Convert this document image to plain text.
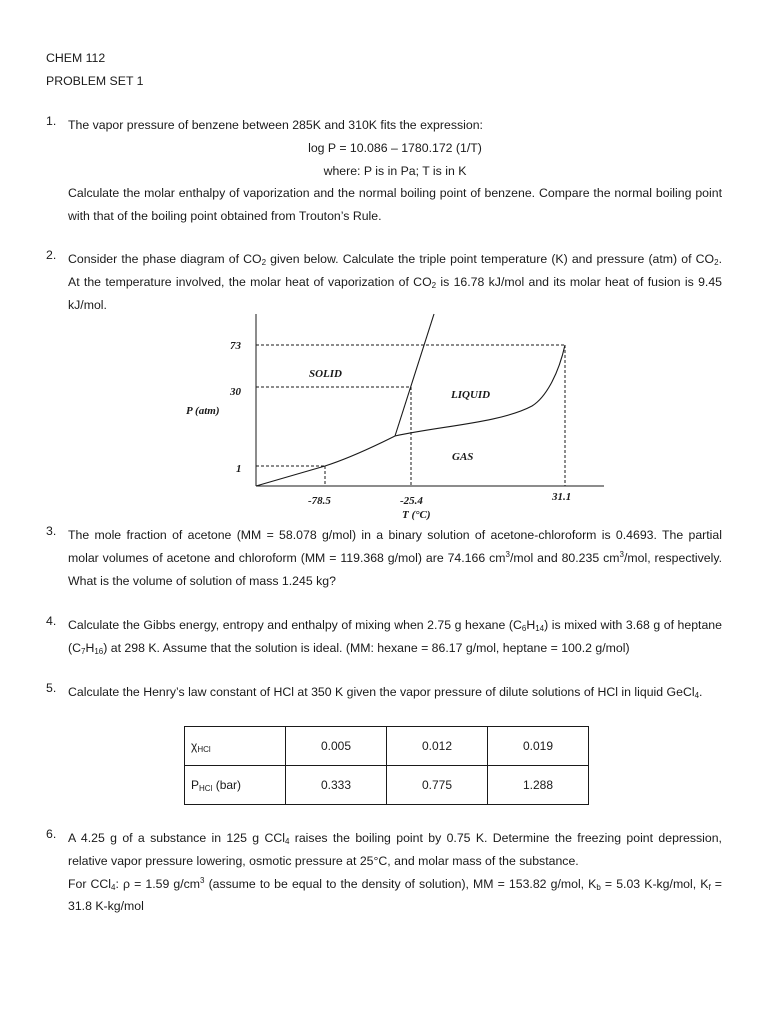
CHEM 112
PROBLEM SET 1
1. The vapor pressure of benzene between 285K and 310K fits the expression:
log P = 10.086 – 1780.172 (1/T)
where: P is in Pa; T is in K
Calculate the molar enthalpy of vaporization and the normal boiling point of benzene. Compare the normal boiling point with that of the boiling point obtained from Trouton’s Rule.
2. Consider the phase diagram of $CO_2$ given below. Calculate the triple point temperature (K) and pressure (atm) of $CO_2$. At the temperature involved, the molar heat of vaporization of $CO_2$ is 16.78 kJ/mol and its molar heat of fusion is 9.45 kJ/mol.
73
30
1
P (atm)
-78.5	-25.4	31.1
T (°C)
SOLID
LIQUID
GAS
3. The mole fraction of acetone (MM = 58.078 g/mol) in a binary solution of acetone-chloroform is 0.4693. The partial molar volumes of acetone and chloroform (MM = 119.368 g/mol) are 74.166 $cm^3$/mol and 80.235 $cm^3$/mol, respectively. What is the volume of solution of mass 1.245 kg?
4. Calculate the Gibbs energy, entropy and enthalpy of mixing when 2.75 g hexane $(C_6H_{14})$ is mixed with 3.68 g of heptane $(C_7H_{16})$ at 298 K. Assume that the solution is ideal. (MM: hexane = 86.17 g/mol, heptane = 100.2 g/mol)
5. Calculate the Henry’s law constant of HCl at 350 K given the vapor pressure of dilute solutions of HCl in liquid GeCl$_4$.
$\chi_{HCl}$	0.005	0.012	0.019
$P_{HCl}$ (bar)	0.333	0.775	1.288
6. A 4.25 g of a substance in 125 g CCl$_4$ raises the boiling point by 0.75 K. Determine the freezing point depression, relative vapor pressure lowering, osmotic pressure at 25°C, and molar mass of the substance.
For CCl$_4$: ρ = 1.59 $g/cm^3$ (assume to be equal to the density of solution), MM = 153.82 g/mol, $K_b = 5.03$ K-kg/mol, $K_f = 31.8$ K-kg/mol
